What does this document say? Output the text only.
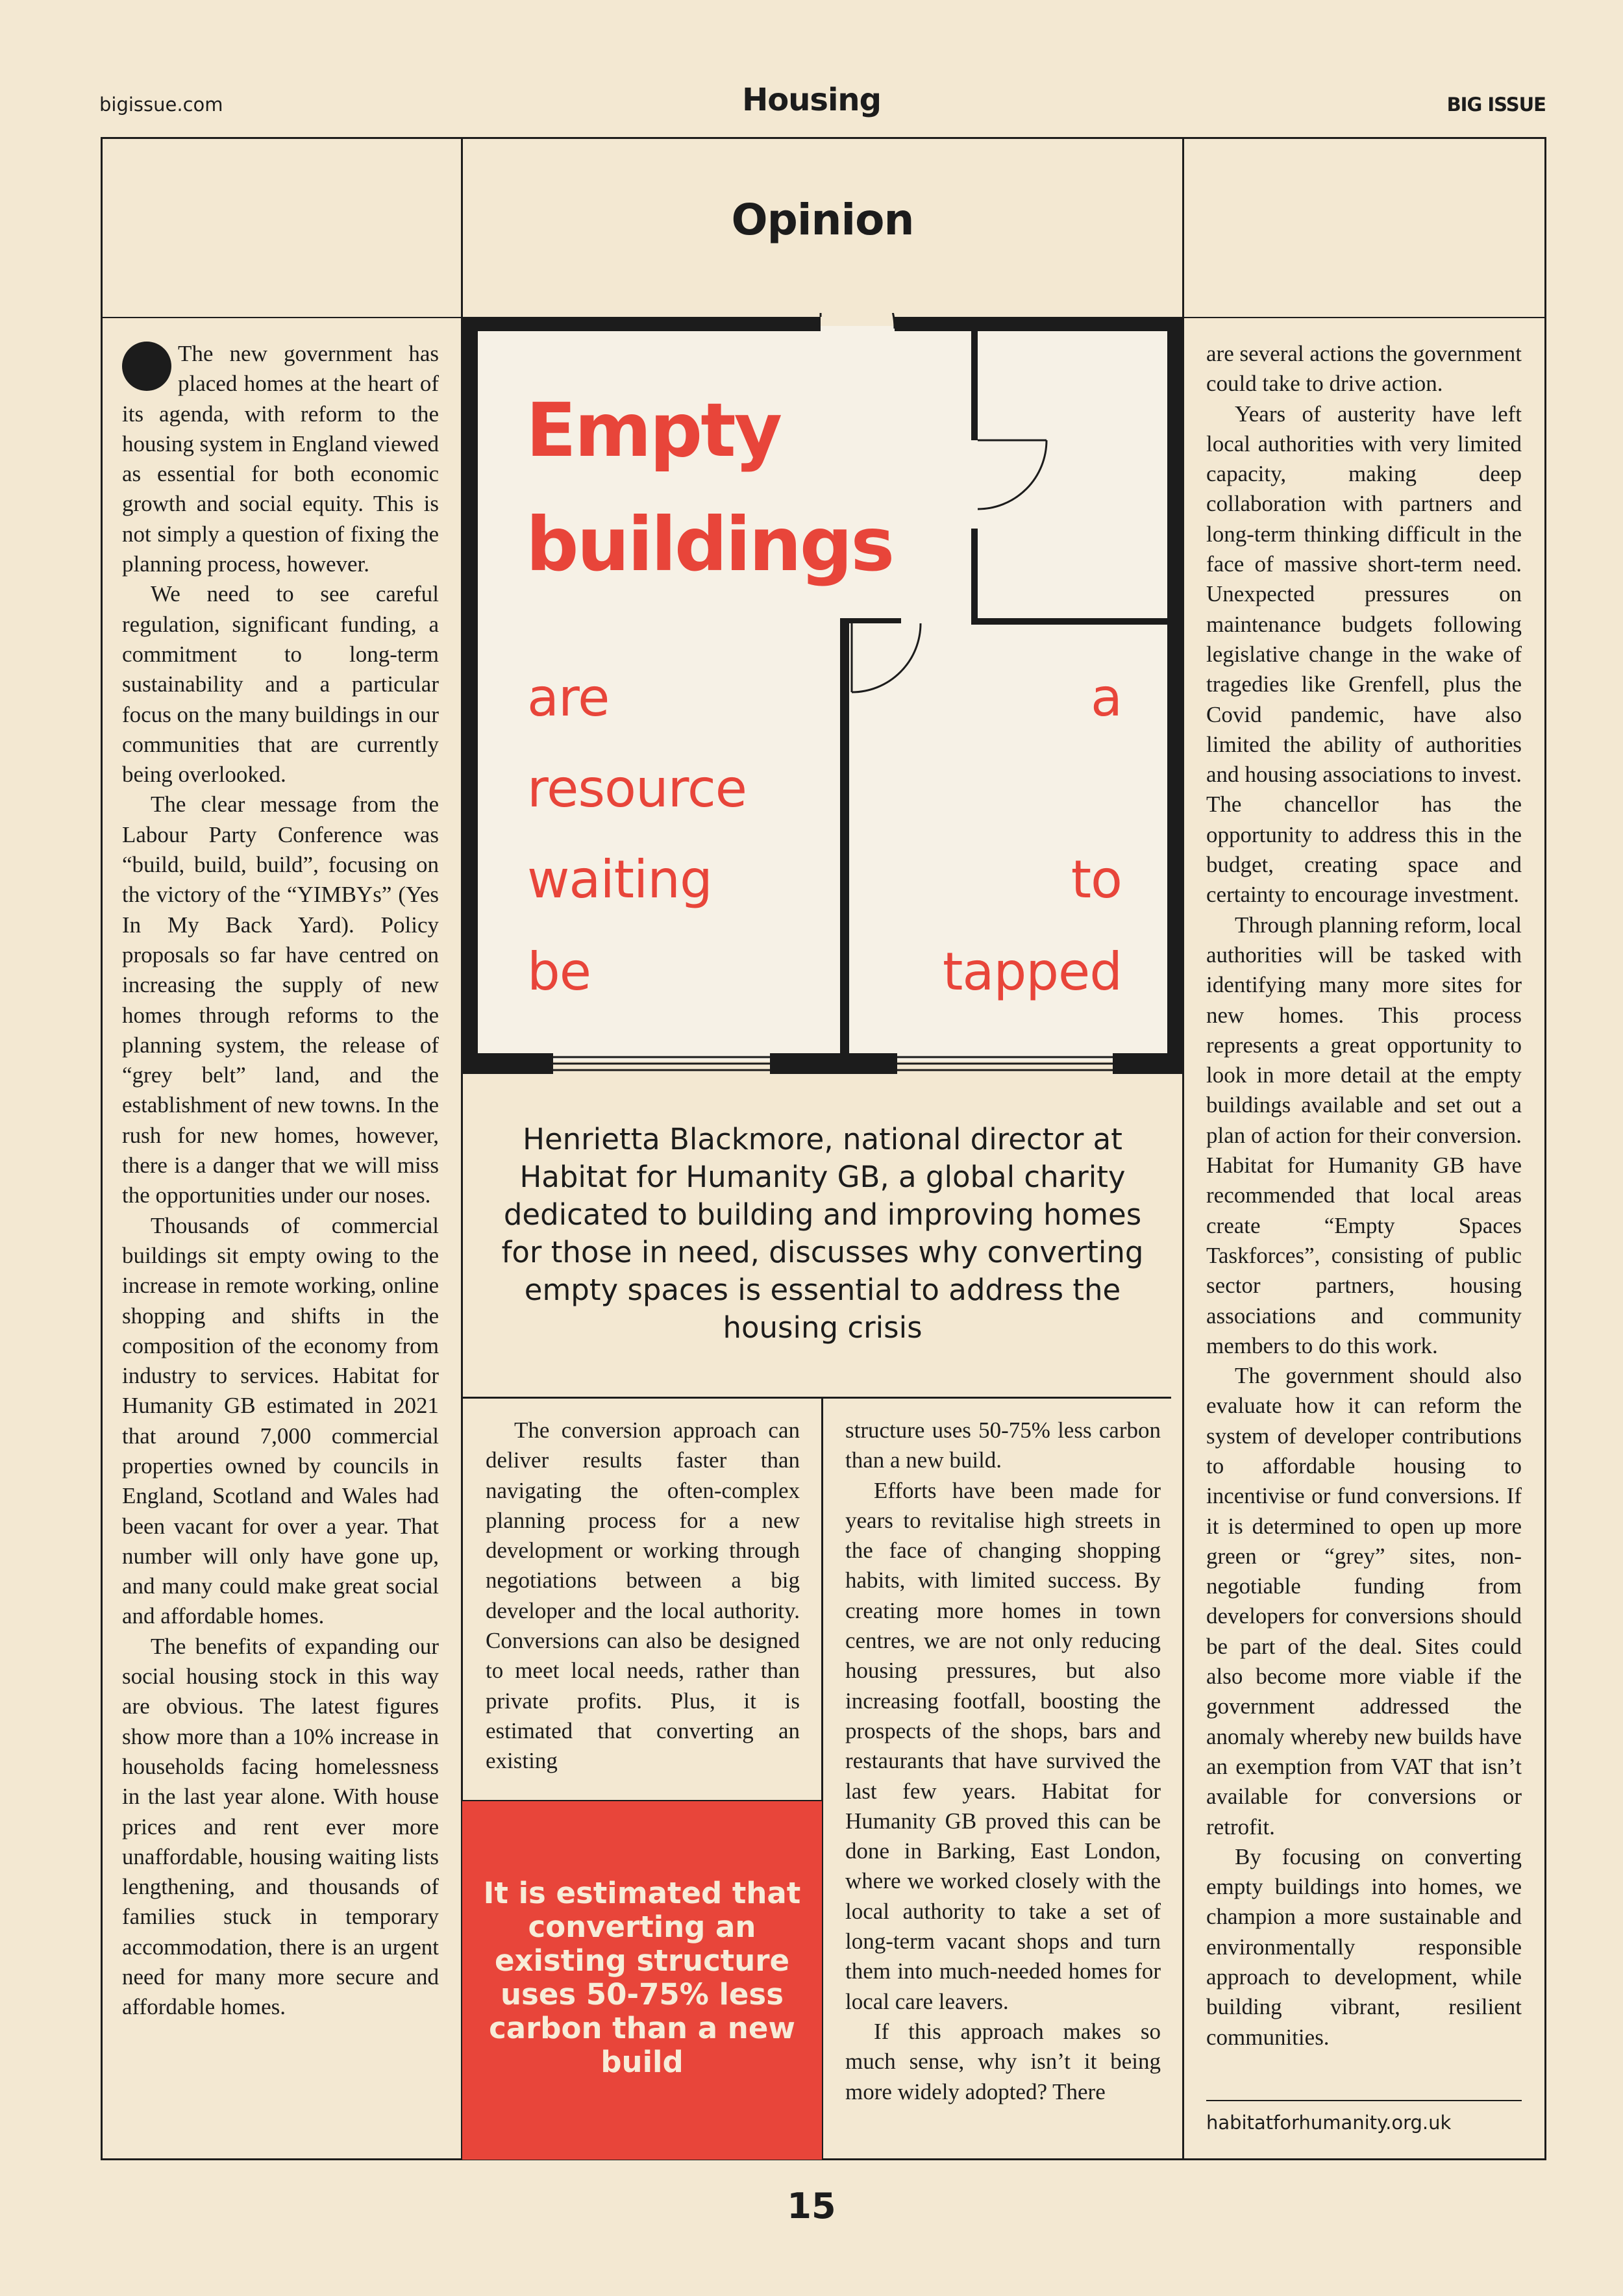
bigissue.com	Housing	BIG ISSUE
Opinion
Empty
buildings
are	a
resource
waiting	to
be	tapped
Henrietta Blackmore, national director at Habitat for Humanity GB, a global charity dedicated to building and improving homes for those in need, discusses why converting empty spaces is essential to address the housing crisis

The new government has placed homes at the heart of its agenda, with reform to the housing system in England viewed as essential for both economic growth and social equity. This is not simply a question of fixing the planning process, however.

We need to see careful regulation, significant funding, a commitment to long-term sustainability and a particular focus on the many buildings in our communities that are currently being overlooked.

The clear message from the Labour Party Conference was “build, build, build”, focusing on the victory of the “YIMBYs” (Yes In My Back Yard). Policy proposals so far have centred on increasing the supply of new homes through reforms to the planning system, the release of “grey belt” land, and the establishment of new towns. In the rush for new homes, however, there is a danger that we will miss the opportunities under our noses.

Thousands of commercial buildings sit empty owing to the increase in remote working, online shopping and shifts in the composition of the economy from industry to services. Habitat for Humanity GB estimated in 2021 that around 7,000 commercial properties owned by councils in England, Scotland and Wales had been vacant for over a year. That number will only have gone up, and many could make great social and affordable homes.

The benefits of expanding our social housing stock in this way are obvious. The latest figures show more than a 10% increase in households facing homelessness in the last year alone. With house prices and rent ever more unaffordable, housing waiting lists lengthening, and thousands of families stuck in temporary accommodation, there is an urgent need for many more secure and affordable homes.

The conversion approach can deliver results faster than navigating the often-complex planning process for a new development or working through negotiations between a big developer and the local authority. Conversions can also be designed to meet local needs, rather than private profits. Plus, it is estimated that converting an existing

It is estimated that converting an existing structure uses 50-75% less carbon than a new build

structure uses 50-75% less carbon than a new build.

Efforts have been made for years to revitalise high streets in the face of changing shopping habits, with limited success. By creating more homes in town centres, we are not only reducing housing pressures, but also increasing footfall, boosting the prospects of the shops, bars and restaurants that have survived the last few years. Habitat for Humanity GB proved this can be done in Barking, East London, where we worked closely with the local authority to take a set of long-term vacant shops and turn them into much-needed homes for local care leavers.

If this approach makes so much sense, why isn’t it being more widely adopted? There

are several actions the government could take to drive action.

Years of austerity have left local authorities with very limited capacity, making deep collaboration with partners and long-term thinking difficult in the face of massive short-term need. Unexpected pressures on maintenance budgets following legislative change in the wake of tragedies like Grenfell, plus the Covid pandemic, have also limited the ability of authorities and housing associations to invest. The chancellor has the opportunity to address this in the budget, creating space and certainty to encourage investment.

Through planning reform, local authorities will be tasked with identifying many more sites for new homes. This process represents a great opportunity to look in more detail at the empty buildings available and set out a plan of action for their conversion. Habitat for Humanity GB have recommended that local areas create “Empty Spaces Taskforces”, consisting of public sector partners, housing associations and community members to do this work.

The government should also evaluate how it can reform the system of developer contributions to affordable housing to incentivise or fund conversions. If it is determined to open up more green or “grey” sites, non-negotiable funding from developers for conversions should be part of the deal. Sites could also become more viable if the government addressed the anomaly whereby new builds have an exemption from VAT that isn’t available for conversions or retrofit.

By focusing on converting empty buildings into homes, we champion a more sustainable and environmentally responsible approach to development, while building vibrant, resilient communities.

habitatforhumanity.org.uk
15
